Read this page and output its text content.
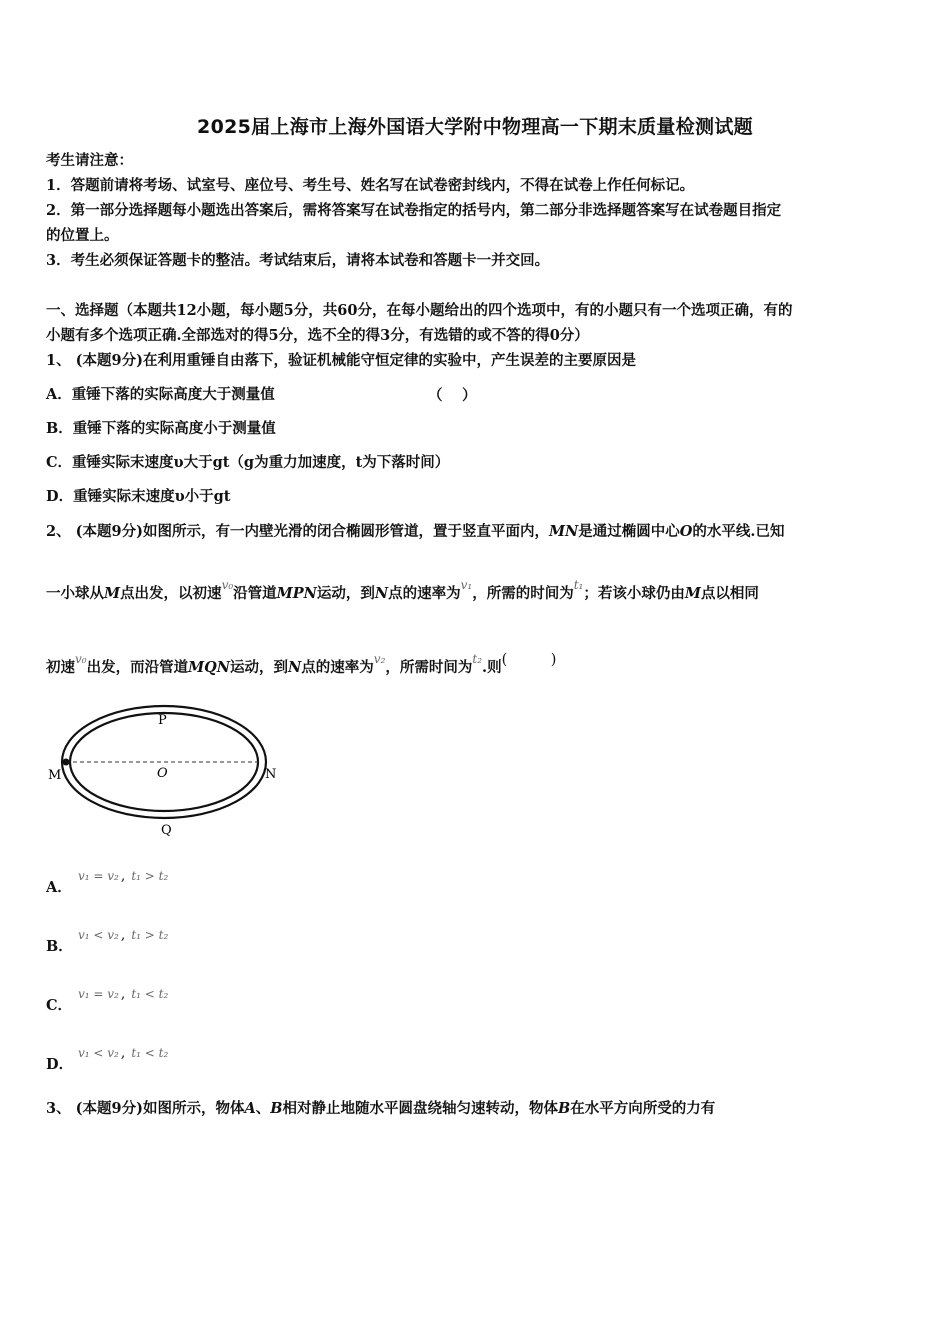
2025届上海市上海外国语大学附中物理高一下期末质量检测试题
考生请注意：
1．答题前请将考场、试室号、座位号、考生号、姓名写在试卷密封线内，不得在试卷上作任何标记。
2．第一部分选择题每小题选出答案后，需将答案写在试卷指定的括号内，第二部分非选择题答案写在试卷题目指定
的位置上。
3．考生必须保证答题卡的整洁。考试结束后，请将本试卷和答题卡一并交回。
一、选择题（本题共12小题，每小题5分，共60分，在每小题给出的四个选项中，有的小题只有一个选项正确，有的
小题有多个选项正确.全部选对的得5分，选不全的得3分，有选错的或不答的得0分）
1、 (本题9分)在利用重锤自由落下，验证机械能守恒定律的实验中，产生误差的主要原因是
A．重锤下落的实际高度大于测量值	（　 ）
B．重锤下落的实际高度小于测量值
C．重锤实际末速度υ大于gt（g为重力加速度，t为下落时间）
D．重锤实际末速度υ小于gt
2、 (本题9分)如图所示，有一内壁光滑的闭合椭圆形管道，置于竖直平面内，MN是通过椭圆中心O的水平线.已知
一小球从M点出发，以初速$^{v_0}$沿管道MPN运动，到N点的速率为$^{v_1}$，所需的时间为$^{t_1}$；若该小球仍由M点以相同
初速$^{v_0}$出发，而沿管道MQN运动，到N点的速率为$^{v_2}$，所需时间为$^{t_2}$.则(　　　)
P
M	O	N
Q
A．
v₁ = v₂ , t₁ > t₂
B．
v₁ < v₂ , t₁ > t₂
C．
v₁ = v₂ , t₁ < t₂
D．
v₁ < v₂ , t₁ < t₂
3、 (本题9分)如图所示，物体A、B相对静止地随水平圆盘绕轴匀速转动，物体B在水平方向所受的力有
